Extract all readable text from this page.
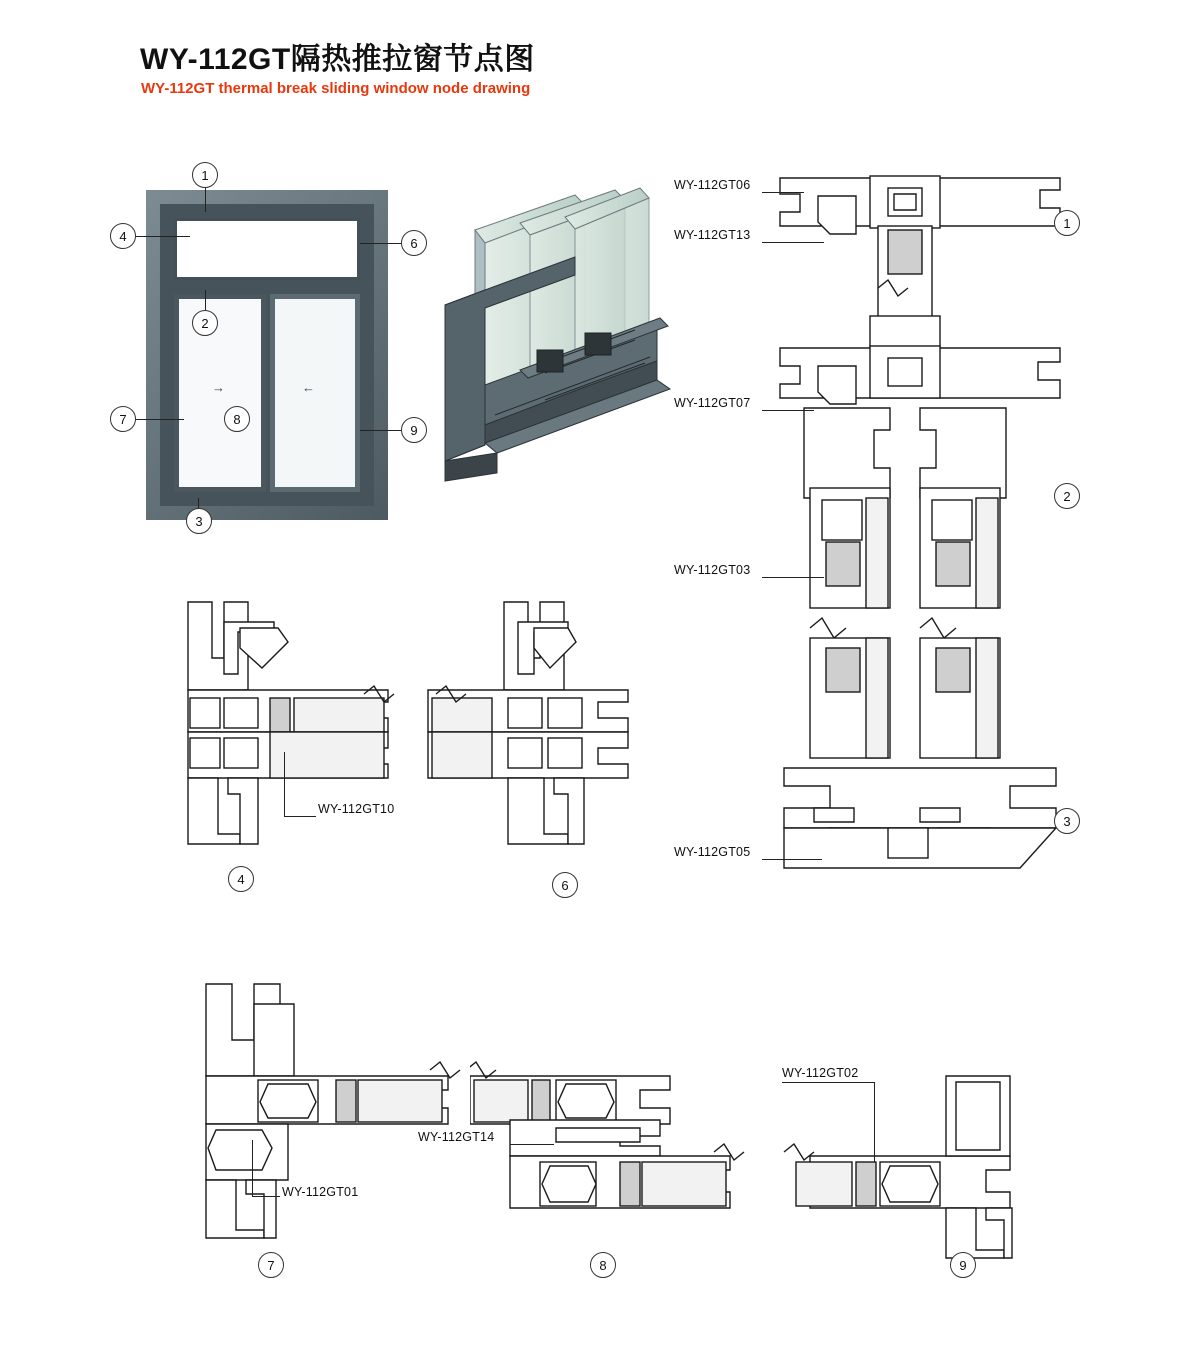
WY-112GT隔热推拉窗节点图
WY-112GT thermal break sliding window node drawing
→	←
1
2
3
4	6
7	8
9
WY-112GT06
WY-112GT13
WY-112GT07
WY-112GT03
WY-112GT05
1
2
3
WY-112GT10
4	6
WY-112GT01
WY-112GT14
WY-112GT02
7	8	9
